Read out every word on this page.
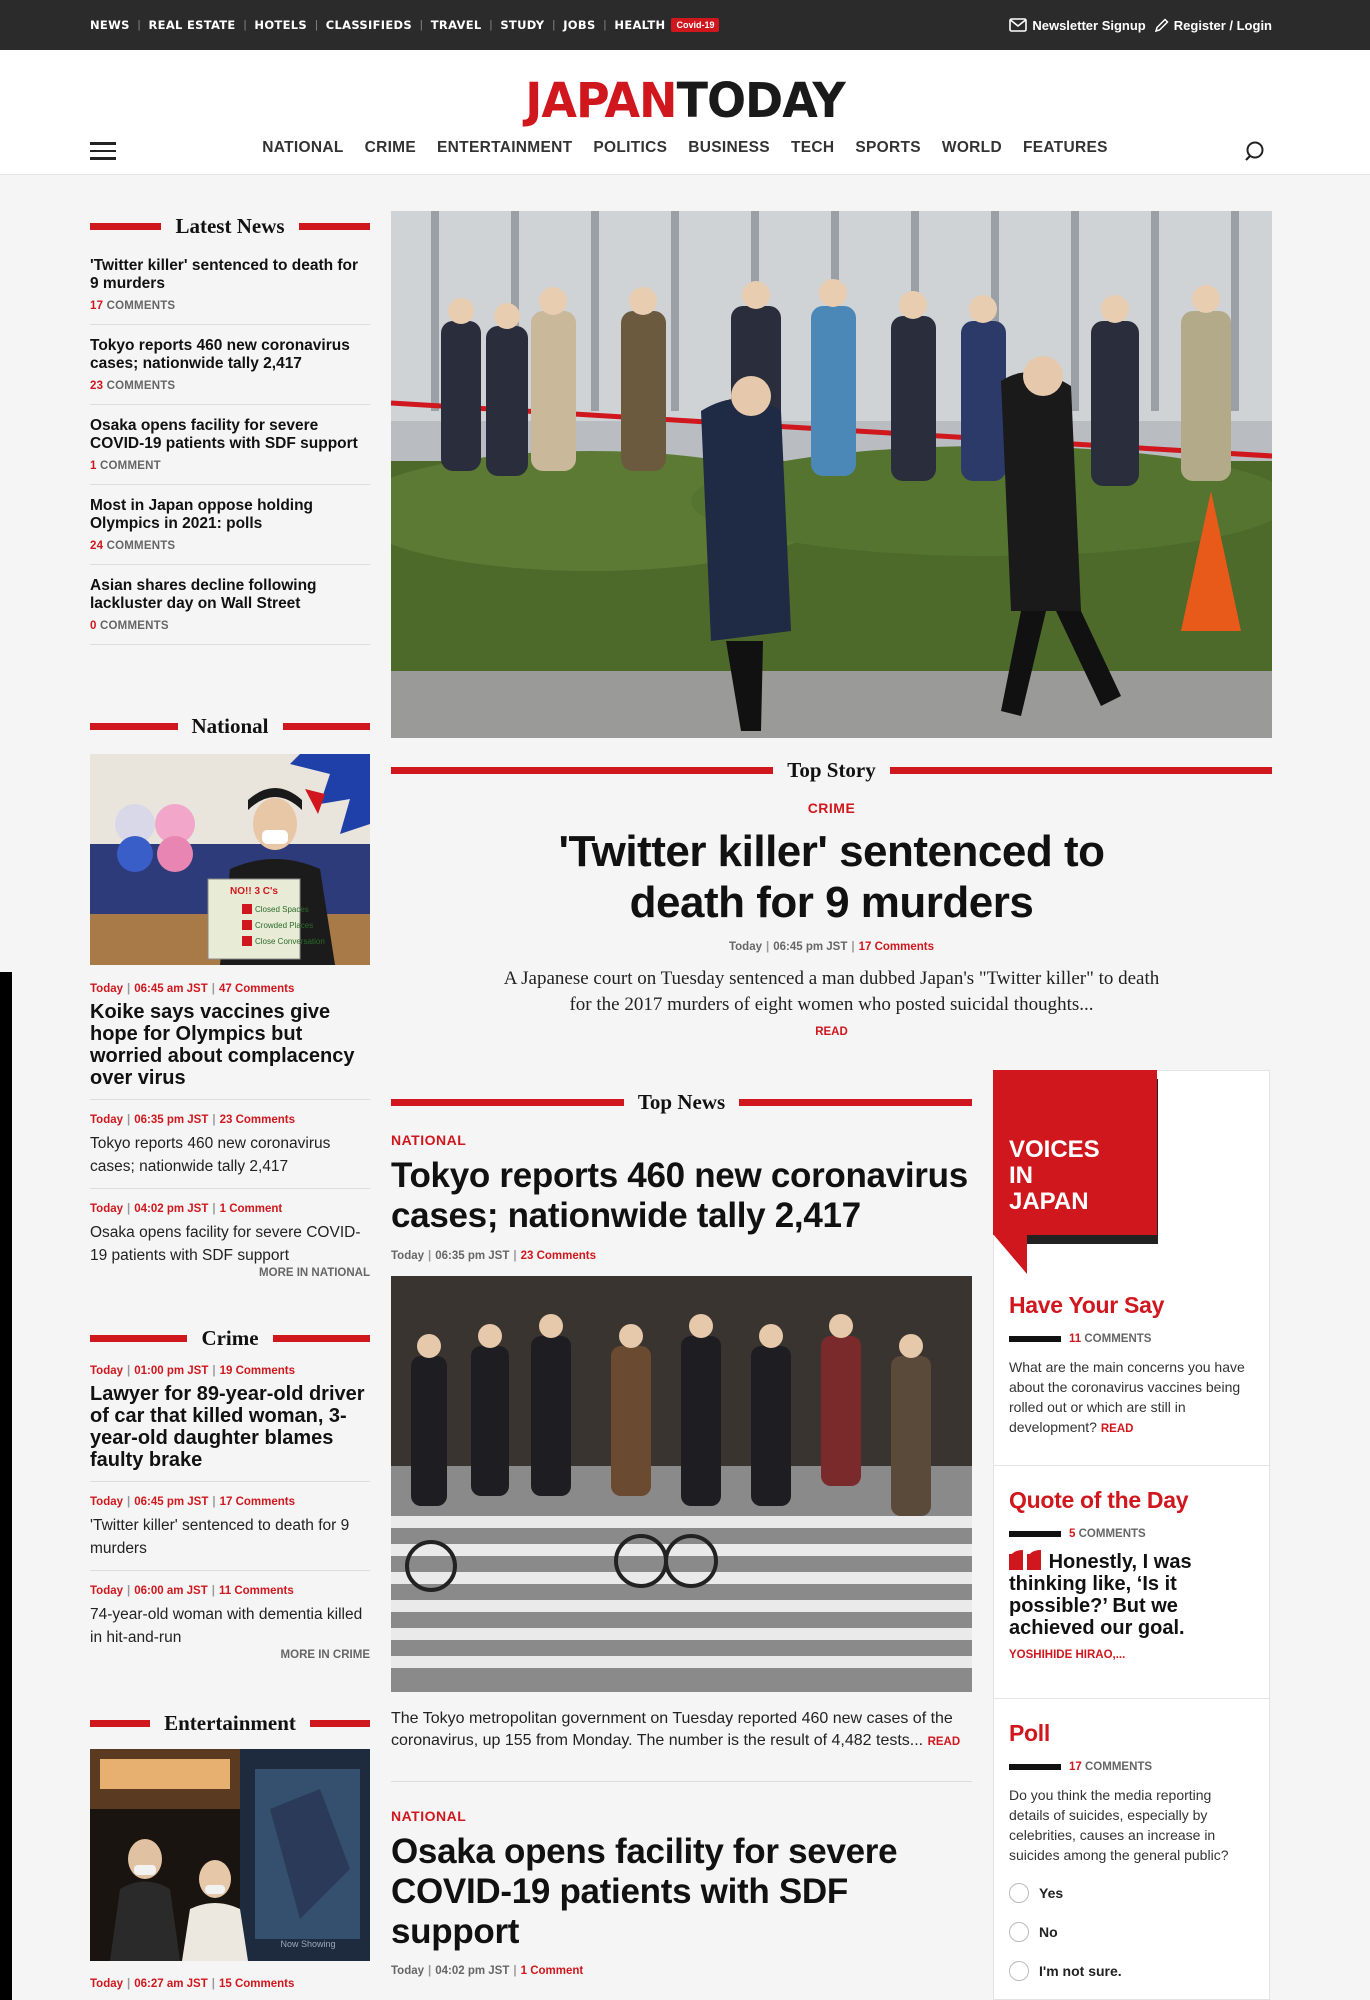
NEWS | REAL ESTATE | HOTELS | CLASSIFIEDS | TRAVEL | STUDY | JOBS | HEALTH	Covid-19	Newsletter Signup Register / Login
JAPANTODAY
NATIONAL CRIME ENTERTAINMENT POLITICS BUSINESS TECH SPORTS WORLD FEATURES
Latest News
'Twitter killer' sentenced to death for 9 murders
17 COMMENTS
Tokyo reports 460 new coronavirus cases; nationwide tally 2,417
23 COMMENTS
Osaka opens facility for severe COVID-19 patients with SDF support
1 COMMENT
Most in Japan oppose holding Olympics in 2021: polls
24 COMMENTS
Asian shares decline following lackluster day on Wall Street
0 COMMENTS
National
NO!! 3 C's
Closed Spaces
Crowded Places
Close Conversation
Today | 06:45 am JST | 47 Comments
Koike says vaccines give hope for Olympics but worried about complacency over virus
Today | 06:35 pm JST | 23 Comments
Tokyo reports 460 new coronavirus cases; nationwide tally 2,417
Today | 04:02 pm JST | 1 Comment
Osaka opens facility for severe COVID-19 patients with SDF support
MORE IN NATIONAL
Crime
Today | 01:00 pm JST | 19 Comments
Lawyer for 89-year-old driver of car that killed woman, 3-year-old daughter blames faulty brake
Today | 06:45 pm JST | 17 Comments
'Twitter killer' sentenced to death for 9 murders
Today | 06:00 am JST | 11 Comments
74-year-old woman with dementia killed in hit-and-run
MORE IN CRIME
Entertainment
Now Showing
Today | 06:27 am JST | 15 Comments
Top Story
CRIME
'Twitter killer' sentenced to death for 9 murders
Today | 06:45 pm JST | 17 Comments
A Japanese court on Tuesday sentenced a man dubbed Japan's "Twitter killer" to death for the 2017 murders of eight women who posted suicidal thoughts...
READ
Top News
NATIONAL
Tokyo reports 460 new coronavirus cases; nationwide tally 2,417
Today | 06:35 pm JST | 23 Comments
The Tokyo metropolitan government on Tuesday reported 460 new cases of the coronavirus, up 155 from Monday. The number is the result of 4,482 tests... READ
NATIONAL
Osaka opens facility for severe COVID-19 patients with SDF support
Today | 04:02 pm JST | 1 Comment
VOICES
IN
JAPAN
Have Your Say
11 COMMENTS
What are the main concerns you have about the coronavirus vaccines being rolled out or which are still in development? READ
Quote of the Day
5 COMMENTS
Honestly, I was thinking like, ‘Is it possible?’ But we achieved our goal.
YOSHIHIDE HIRAO,...
Poll
17 COMMENTS
Do you think the media reporting details of suicides, especially by celebrities, causes an increase in suicides among the general public?
Yes
No
I'm not sure.
